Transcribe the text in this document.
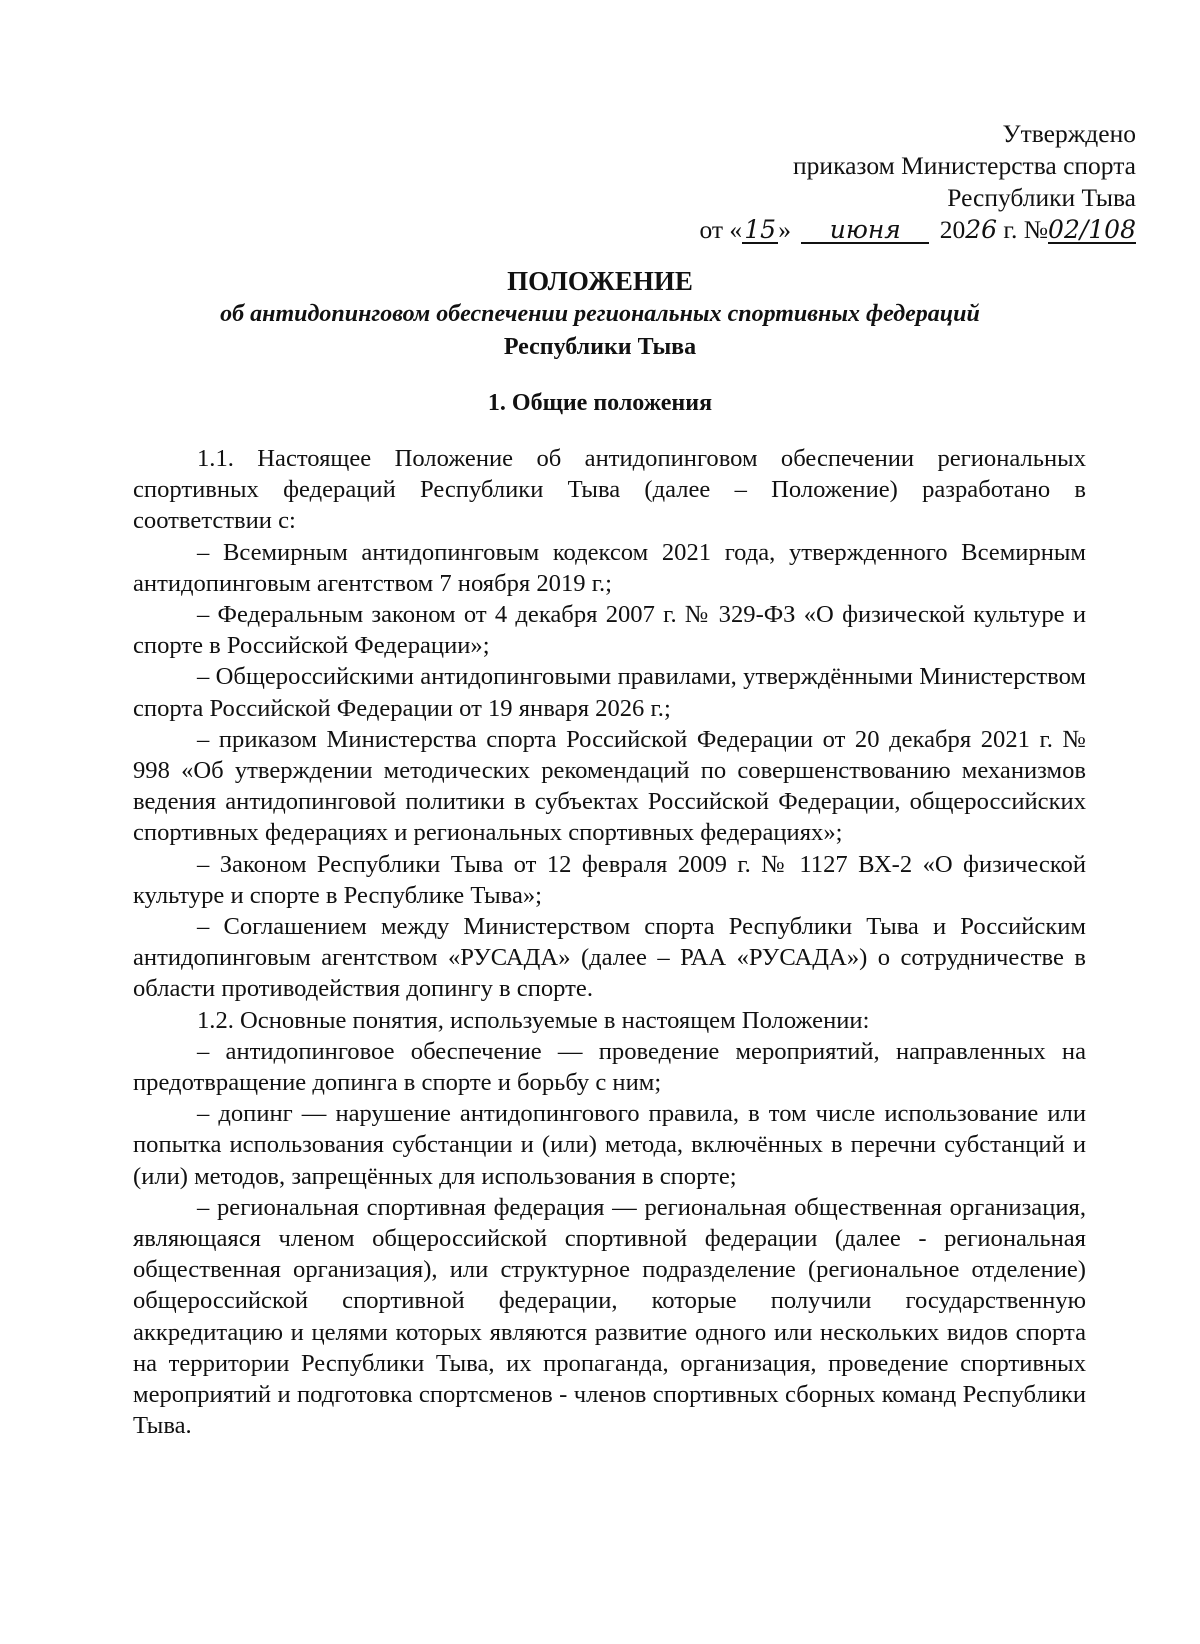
Утверждено
приказом Министерства спорта
Республики Тыва
от «15» июня 2026 г. №02/108
ПОЛОЖЕНИЕ
об антидопинговом обеспечении региональных спортивных федераций
Республики Тыва
1. Общие положения

1.1. Настоящее Положение об антидопинговом обеспечении региональных спортивных федераций Республики Тыва (далее – Положение) разработано в соответствии с:

– Всемирным антидопинговым кодексом 2021 года, утвержденного Всемирным антидопинговым агентством 7 ноября 2019 г.;

– Федеральным законом от 4 декабря 2007 г. № 329-ФЗ «О физической культуре и спорте в Российской Федерации»;

– Общероссийскими антидопинговыми правилами, утверждёнными Министерством спорта Российской Федерации от 19 января 2026 г.;

– приказом Министерства спорта Российской Федерации от 20 декабря 2021 г. № 998 «Об утверждении методических рекомендаций по совершенствованию механизмов ведения антидопинговой политики в субъектах Российской Федерации, общероссийских спортивных федерациях и региональных спортивных федерациях»;

– Законом Республики Тыва от 12 февраля 2009 г. № 1127 ВХ-2 «О физической культуре и спорте в Республике Тыва»;

– Соглашением между Министерством спорта Республики Тыва и Российским антидопинговым агентством «РУСАДА» (далее – РАА «РУСАДА») о сотрудничестве в области противодействия допингу в спорте.

1.2. Основные понятия, используемые в настоящем Положении:

– антидопинговое обеспечение — проведение мероприятий, направленных на предотвращение допинга в спорте и борьбу с ним;

– допинг — нарушение антидопингового правила, в том числе использование или попытка использования субстанции и (или) метода, включённых в перечни субстанций и (или) методов, запрещённых для использования в спорте;

– региональная спортивная федерация — региональная общественная организация, являющаяся членом общероссийской спортивной федерации (далее - региональная общественная организация), или структурное подразделение (региональное отделение) общероссийской спортивной федерации, которые получили государственную аккредитацию и целями которых являются развитие одного или нескольких видов спорта на территории Республики Тыва, их пропаганда, организация, проведение спортивных мероприятий и подготовка спортсменов - членов спортивных сборных команд Республики Тыва.
